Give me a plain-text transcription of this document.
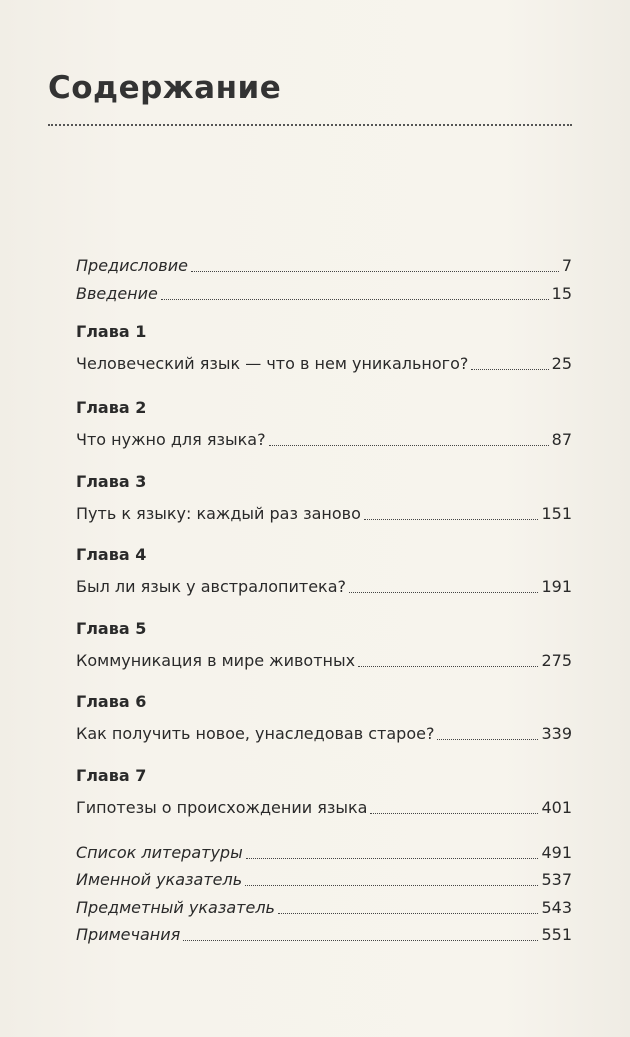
Содержание
Предисловие	7
Введение	15
Глава 1
Человеческий язык — что в нем уникального?	25
Глава 2
Что нужно для языка?	87
Глава 3
Путь к языку: каждый раз заново	151
Глава 4
Был ли язык у австралопитека?	191
Глава 5
Коммуникация в мире животных	275
Глава 6
Как получить новое, унаследовав старое?	339
Глава 7
Гипотезы о происхождении языка	401
Список литературы	491
Именной указатель	537
Предметный указатель	543
Примечания	551
